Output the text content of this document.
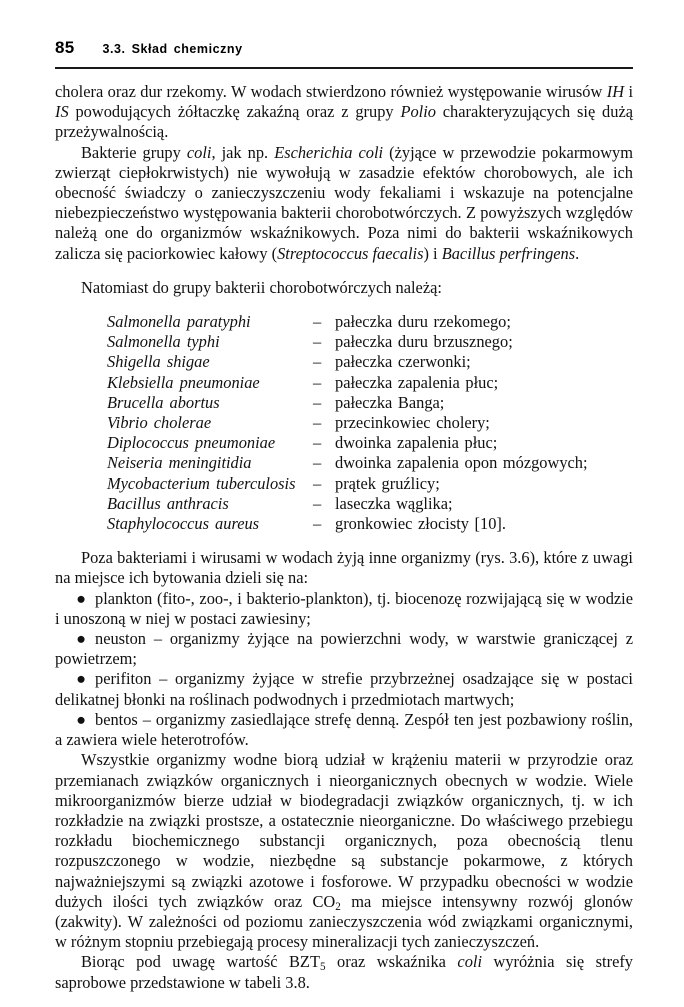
85 3.3. Skład chemiczny

cholera oraz dur rzekomy. W wodach stwierdzono również występowanie wirusów IH i IS powodujących żółtaczkę zakaźną oraz z grupy Polio charakteryzujących się dużą przeżywalnością.

Bakterie grupy coli, jak np. Escherichia coli (żyjące w przewodzie pokarmowym zwierząt ciepłokrwistych) nie wywołują w zasadzie efektów chorobowych, ale ich obecność świadczy o zanieczyszczeniu wody fekaliami i wskazuje na potencjalne niebezpieczeństwo występowania bakterii chorobotwórczych. Z powyższych względów należą one do organizmów wskaźnikowych. Poza nimi do bakterii wskaźnikowych zalicza się paciorkowiec kałowy (Streptococcus faecalis) i Bacillus perfringens.

Natomiast do grupy bakterii chorobotwórczych należą:

Salmonella paratyphi	– pałeczka duru rzekomego;
Salmonella typhi	– pałeczka duru brzusznego;
Shigella shigae	– pałeczka czerwonki;
Klebsiella pneumoniae	– pałeczka zapalenia płuc;
Brucella abortus	– pałeczka Banga;
Vibrio cholerae	– przecinkowiec cholery;
Diplococcus pneumoniae	– dwoinka zapalenia płuc;
Neiseria meningitidia	– dwoinka zapalenia opon mózgowych;
Mycobacterium tuberculosis	– prątek gruźlicy;
Bacillus anthracis	– laseczka wąglika;
Staphylococcus aureus	– gronkowiec złocisty [10].

Poza bakteriami i wirusami w wodach żyją inne organizmy (rys. 3.6), które z uwagi na miejsce ich bytowania dzieli się na:

● plankton (fito-, zoo-, i bakterio-plankton), tj. biocenozę rozwijającą się w wodzie i unoszoną w niej w postaci zawiesiny;

● neuston – organizmy żyjące na powierzchni wody, w warstwie graniczącej z powietrzem;

● perifiton – organizmy żyjące w strefie przybrzeżnej osadzające się w postaci delikatnej błonki na roślinach podwodnych i przedmiotach martwych;

● bentos – organizmy zasiedlające strefę denną. Zespół ten jest pozbawiony roślin, a zawiera wiele heterotrofów.

Wszystkie organizmy wodne biorą udział w krążeniu materii w przyrodzie oraz przemianach związków organicznych i nieorganicznych obecnych w wodzie. Wiele mikroorganizmów bierze udział w biodegradacji związków organicznych, tj. w ich rozkładzie na związki prostsze, a ostatecznie nieorganiczne. Do właściwego przebiegu rozkładu biochemicznego substancji organicznych, poza obecnością tlenu rozpuszczonego w wodzie, niezbędne są substancje pokarmowe, z których najważniejszymi są związki azotowe i fosforowe. W przypadku obecności w wodzie dużych ilości tych związków oraz $CO_2$ ma miejsce intensywny rozwój glonów (zakwity). W zależności od poziomu zanieczyszczenia wód związkami organicznymi, w różnym stopniu przebiegają procesy mineralizacji tych zanieczyszczeń.

Biorąc pod uwagę wartość $BZT_5$ oraz wskaźnika coli wyróżnia się strefy saprobowe przedstawione w tabeli 3.8.
